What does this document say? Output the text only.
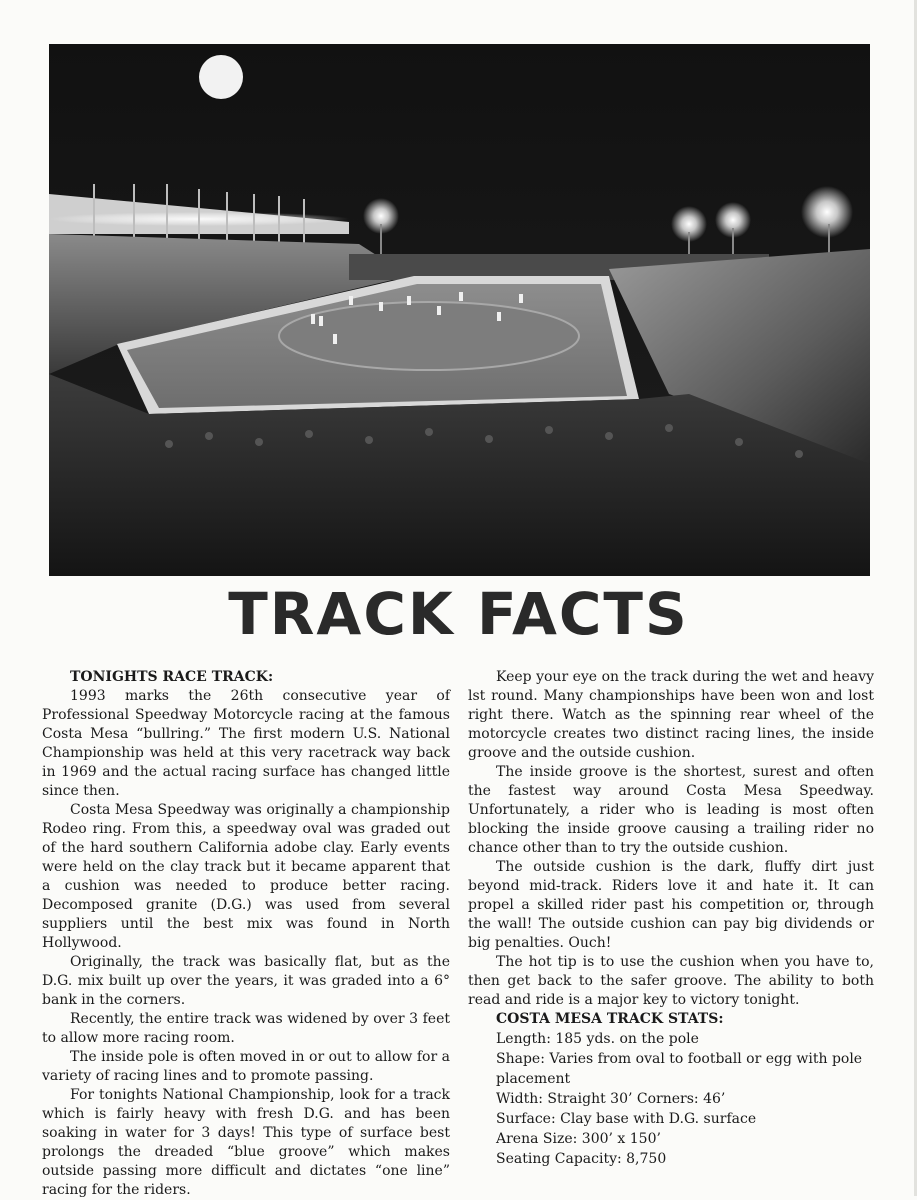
TRACK FACTS
TONIGHTS RACE TRACK:

1993 marks the 26th consecutive year of Professional Speedway Motorcycle racing at the famous Costa Mesa “bullring.” The first modern U.S. National Championship was held at this very racetrack way back in 1969 and the actual racing surface has changed little since then.

Costa Mesa Speedway was originally a championship Rodeo ring. From this, a speedway oval was graded out of the hard southern California adobe clay. Early events were held on the clay track but it became apparent that a cushion was needed to produce better racing. Decomposed granite (D.G.) was used from several suppliers until the best mix was found in North Hollywood.

Originally, the track was basically flat, but as the D.G. mix built up over the years, it was graded into a 6° bank in the corners.

Recently, the entire track was widened by over 3 feet to allow more racing room.

The inside pole is often moved in or out to allow for a variety of racing lines and to promote passing.

For tonights National Championship, look for a track which is fairly heavy with fresh D.G. and has been soaking in water for 3 days! This type of surface best prolongs the dreaded “blue groove” which makes outside passing more difficult and dictates “one line” racing for the riders.

Keep your eye on the track during the wet and heavy lst round. Many championships have been won and lost right there. Watch as the spinning rear wheel of the motorcycle creates two distinct racing lines, the inside groove and the outside cushion.

The inside groove is the shortest, surest and often the fastest way around Costa Mesa Speedway. Unfortunately, a rider who is leading is most often blocking the inside groove causing a trailing rider no chance other than to try the outside cushion.

The outside cushion is the dark, fluffy dirt just beyond mid-track. Riders love it and hate it. It can propel a skilled rider past his competition or, through the wall! The outside cushion can pay big dividends or big penalties. Ouch!

The hot tip is to use the cushion when you have to, then get back to the safer groove. The ability to both read and ride is a major key to victory tonight.

COSTA MESA TRACK STATS:
Length: 185 yds. on the pole
Shape: Varies from oval to football or egg with pole placement
Width: Straight 30’ Corners: 46’
Surface: Clay base with D.G. surface
Arena Size: 300’ x 150’
Seating Capacity: 8,750
